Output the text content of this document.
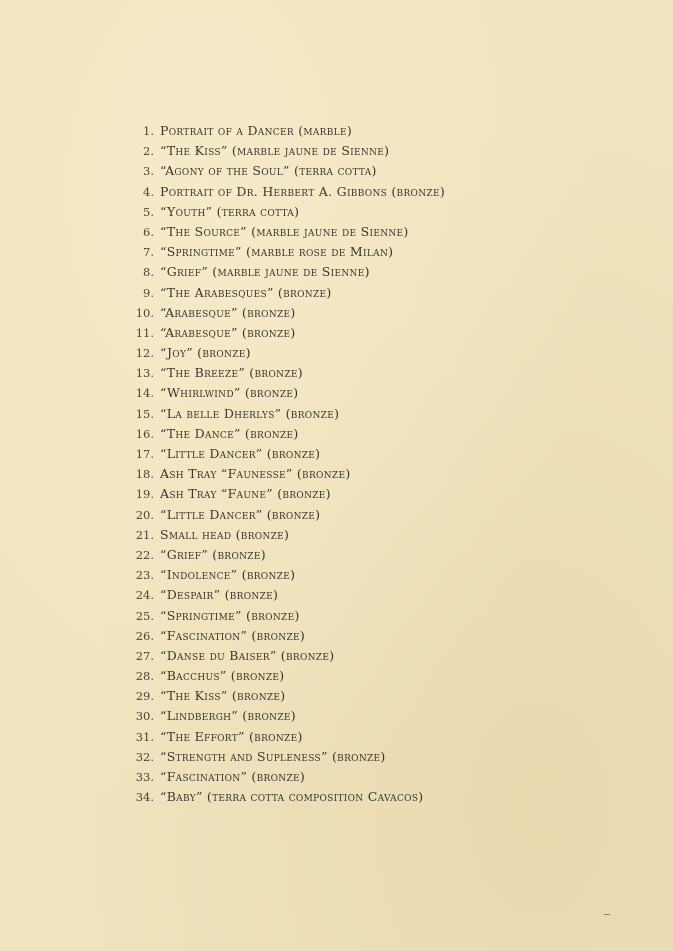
1. Portrait of a Dancer (marble)
2. “The Kiss” (marble jaune de Sienne)
3. “Agony of the Soul” (terra cotta)
4. Portrait of Dr. Herbert A. Gibbons (bronze)
5. “Youth” (terra cotta)
6. “The Source” (marble jaune de Sienne)
7. “Springtime” (marble rose de Milan)
8. “Grief” (marble jaune de Sienne)
9. “The Arabesques” (bronze)
10. “Arabesque” (bronze)
11. “Arabesque” (bronze)
12. “Joy” (bronze)
13. “The Breeze” (bronze)
14. “Whirlwind” (bronze)
15. “La belle Dherlys” (bronze)
16. “The Dance” (bronze)
17. “Little Dancer” (bronze)
18. Ash Tray “Faunesse” (bronze)
19. Ash Tray “Faune” (bronze)
20. “Little Dancer” (bronze)
21. Small head (bronze)
22. “Grief” (bronze)
23. “Indolence” (bronze)
24. “Despair” (bronze)
25. “Springtime” (bronze)
26. “Fascination” (bronze)
27. “Danse du Baiser” (bronze)
28. “Bacchus” (bronze)
29. “The Kiss” (bronze)
30. “Lindbergh” (bronze)
31. “The Effort” (bronze)
32. “Strength and Supleness” (bronze)
33. “Fascination” (bronze)
34. “Baby” (terra cotta composition Cavacos)
